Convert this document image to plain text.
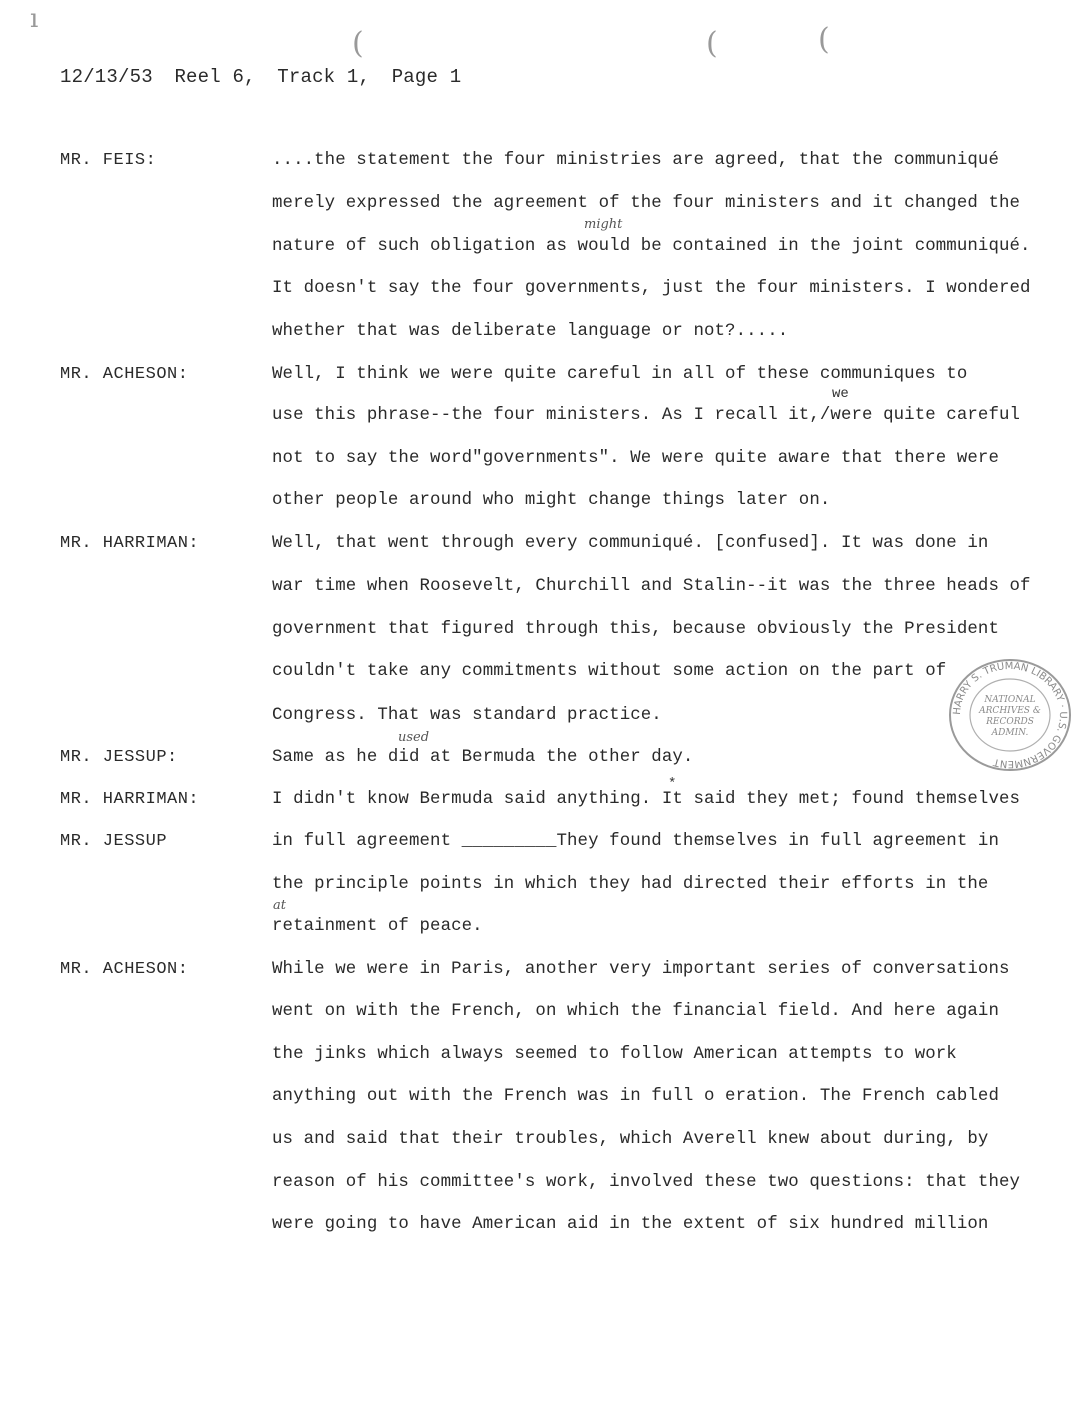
ı
(	(	(
12/13/53 Reel 6, Track 1, Page 1
MR. FEIS:	....the statement the four ministries are agreed, that the communiqué
merely expressed the agreement of the four ministers and it changed the
nature of such obligation as would be contained in the joint communiqué.
It doesn't say the four governments, just the four ministers. I wondered
whether that was deliberate language or not?.....
might
MR. ACHESON:	Well, I think we were quite careful in all of these communiques to
use this phrase--the four ministers. As I recall it,/were quite careful
not to say the word"governments". We were quite aware that there were
other people around who might change things later on.
we
MR. HARRIMAN:	Well, that went through every communiqué. [confused]. It was done in
war time when Roosevelt, Churchill and Stalin--it was the three heads of
government that figured through this, because obviously the President
couldn't take any commitments without some action on the part of
Congress. That was standard practice.
MR. JESSUP:	Same as he did at Bermuda the other day.
used
MR. HARRIMAN:	I didn't know Bermuda said anything. It said they met; found themselves
*
MR. JESSUP	in full agreement _________They found themselves in full agreement in
the principle points in which they had directed their efforts in the
retainment of peace.
at
MR. ACHESON:	While we were in Paris, another very important series of conversations
went on with the French, on which the financial field. And here again
the jinks which always seemed to follow American attempts to work
anything out with the French was in full o eration. The French cabled
us and said that their troubles, which Averell knew about during, by
reason of his committee's work, involved these two questions: that they
were going to have American aid in the extent of six hundred million
HARRY S. TRUMAN LIBRARY · U.S. GOVERNMENT
NATIONAL
ARCHIVES &
RECORDS
ADMIN.
